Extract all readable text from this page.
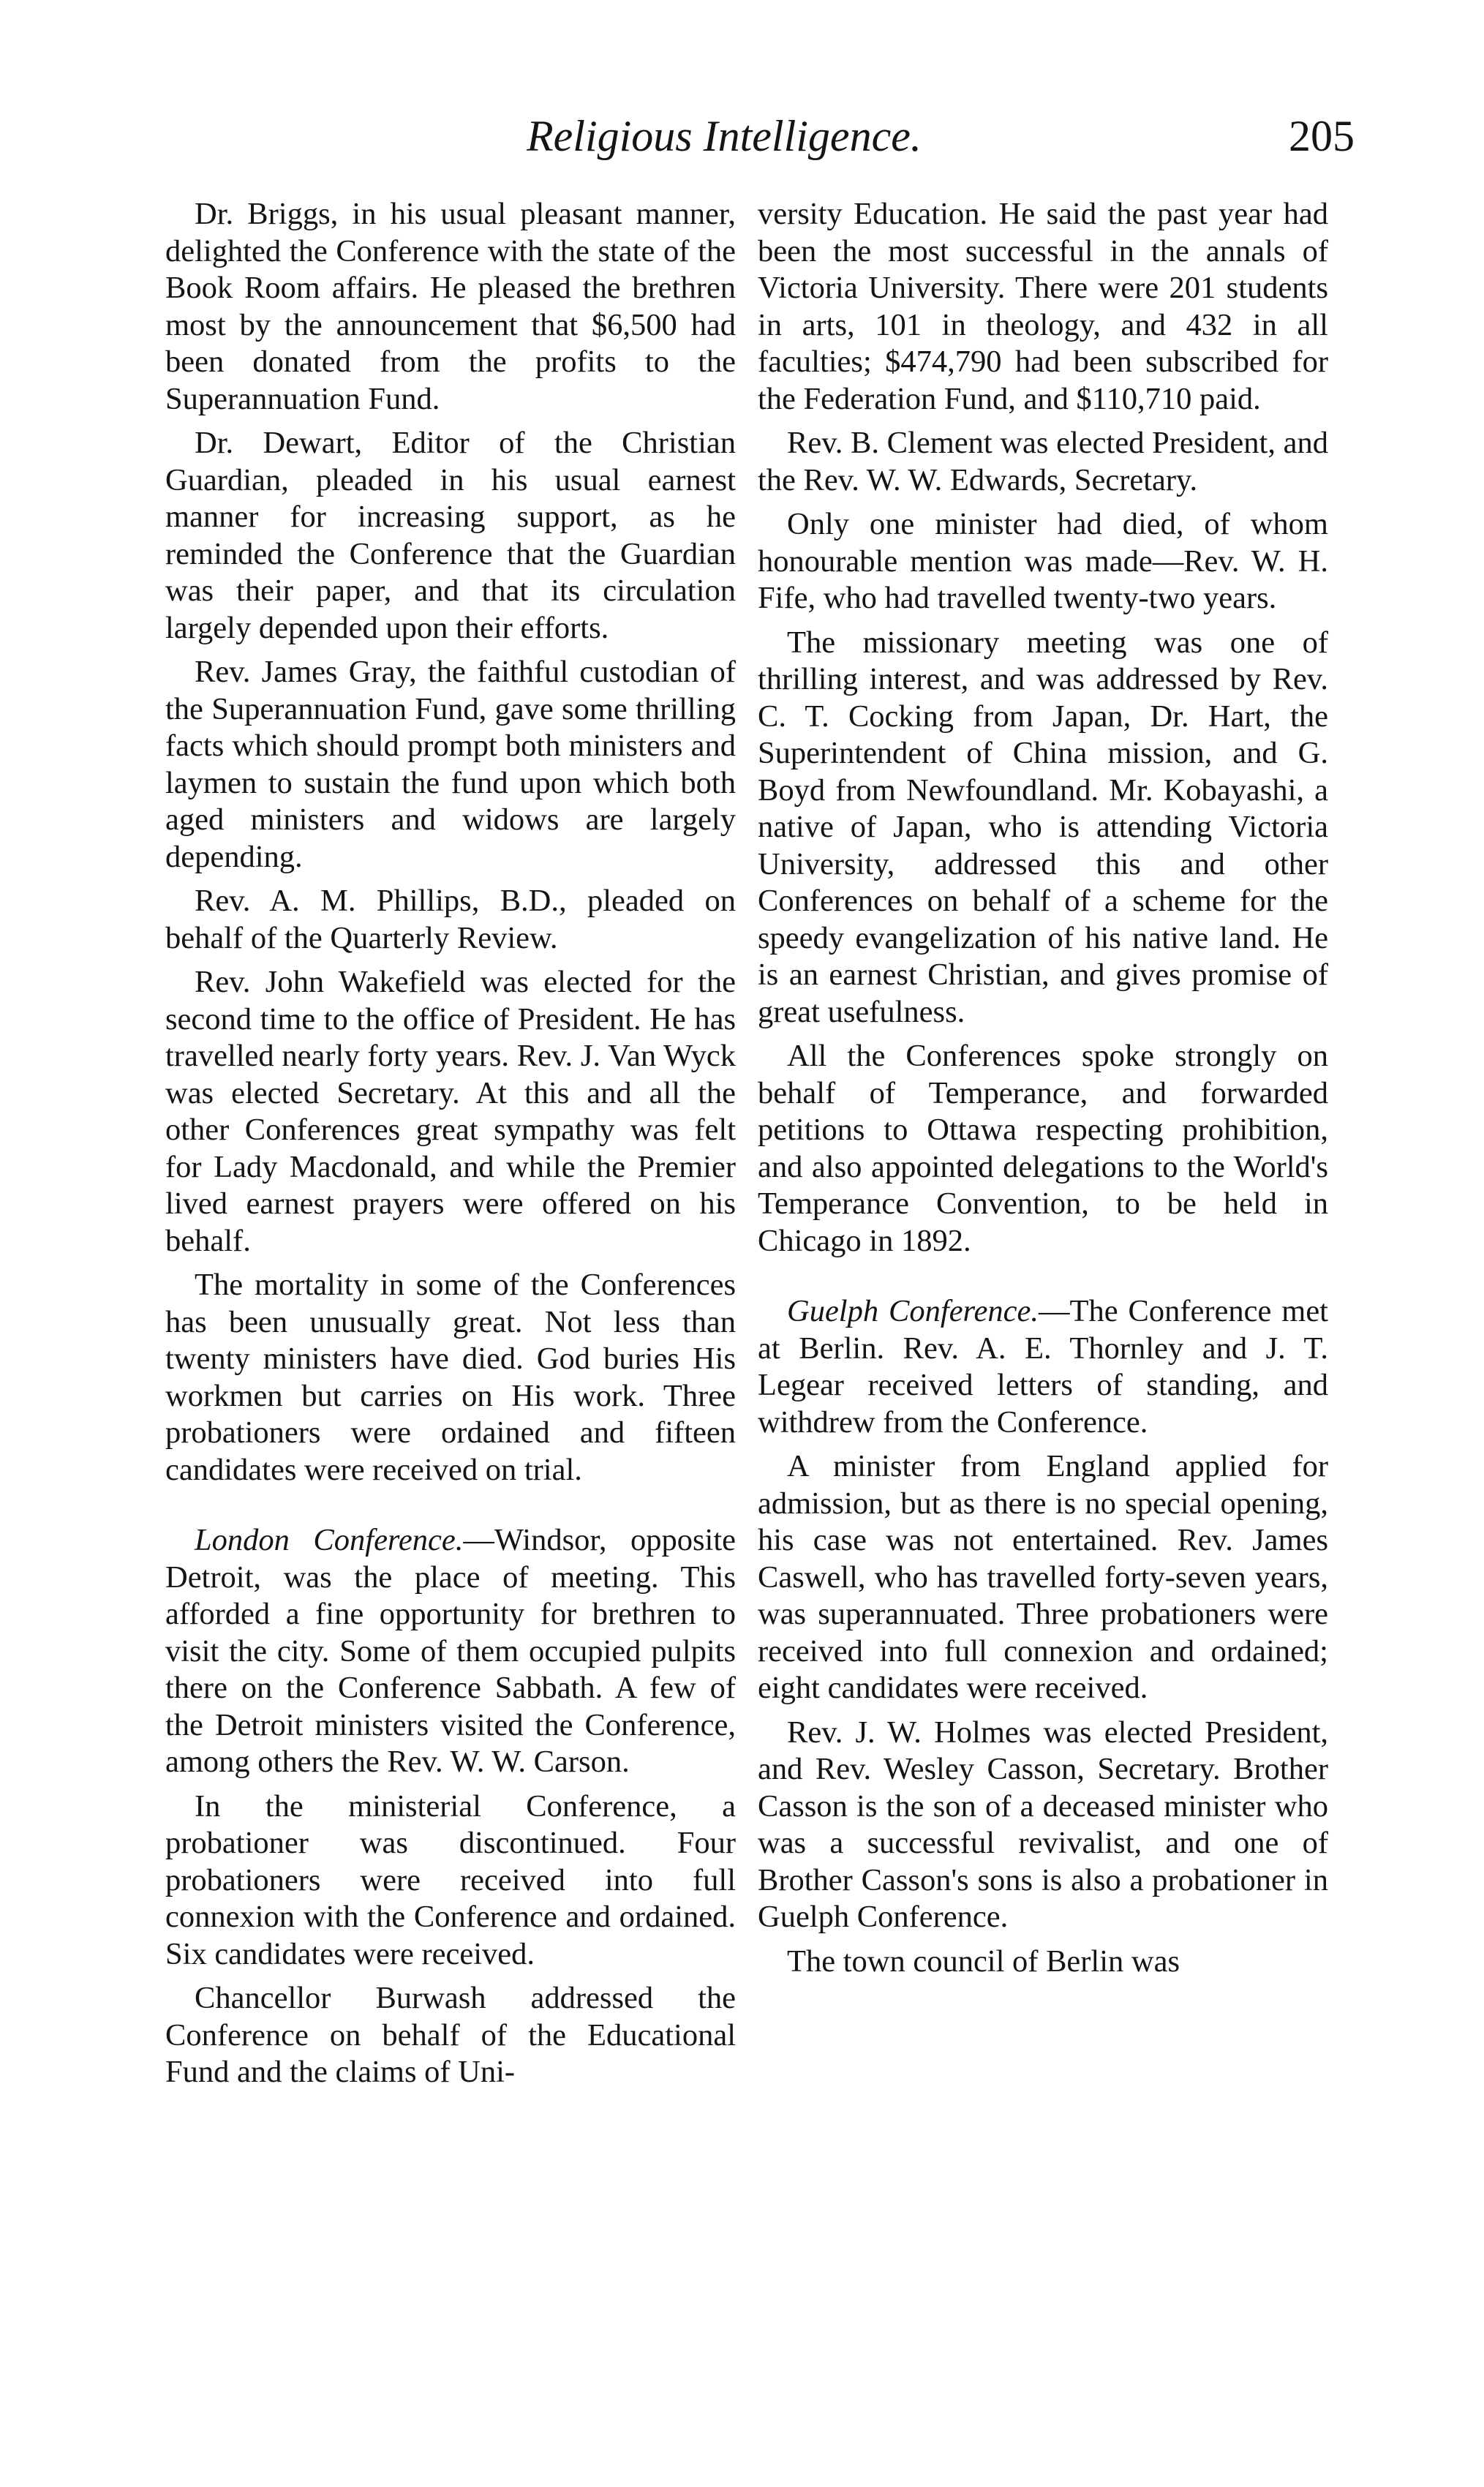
Religious Intelligence.	205

Dr. Briggs, in his usual pleasant manner, delighted the Conference with the state of the Book Room affairs. He pleased the brethren most by the announcement that $6,500 had been donated from the profits to the Superannuation Fund.

Dr. Dewart, Editor of the Christian Guardian, pleaded in his usual earnest manner for increasing support, as he reminded the Conference that the Guardian was their paper, and that its circulation largely depended upon their efforts.

Rev. James Gray, the faithful custodian of the Superannuation Fund, gave some thrilling facts which should prompt both ministers and laymen to sustain the fund upon which both aged ministers and widows are largely depending.

Rev. A. M. Phillips, B.D., pleaded on behalf of the Quarterly Review.

Rev. John Wakefield was elected for the second time to the office of President. He has travelled nearly forty years. Rev. J. Van Wyck was elected Secretary. At this and all the other Conferences great sympathy was felt for Lady Macdonald, and while the Premier lived earnest prayers were offered on his behalf.

The mortality in some of the Conferences has been unusually great. Not less than twenty ministers have died. God buries His workmen but carries on His work. Three probationers were ordained and fifteen candidates were received on trial.

London Conference.—Windsor, opposite Detroit, was the place of meeting. This afforded a fine opportunity for brethren to visit the city. Some of them occupied pulpits there on the Conference Sabbath. A few of the Detroit ministers visited the Conference, among others the Rev. W. W. Carson.

In the ministerial Conference, a probationer was discontinued. Four probationers were received into full connexion with the Conference and ordained. Six candidates were received.

Chancellor Burwash addressed the Conference on behalf of the Educational Fund and the claims of Uni-

versity Education. He said the past year had been the most successful in the annals of Victoria University. There were 201 students in arts, 101 in theology, and 432 in all faculties; $474,790 had been subscribed for the Federation Fund, and $110,710 paid.

Rev. B. Clement was elected President, and the Rev. W. W. Edwards, Secretary.

Only one minister had died, of whom honourable mention was made—Rev. W. H. Fife, who had travelled twenty-two years.

The missionary meeting was one of thrilling interest, and was addressed by Rev. C. T. Cocking from Japan, Dr. Hart, the Superintendent of China mission, and G. Boyd from Newfoundland. Mr. Kobayashi, a native of Japan, who is attending Victoria University, addressed this and other Conferences on behalf of a scheme for the speedy evangelization of his native land. He is an earnest Christian, and gives promise of great usefulness.

All the Conferences spoke strongly on behalf of Temperance, and forwarded petitions to Ottawa respecting prohibition, and also appointed delegations to the World's Temperance Convention, to be held in Chicago in 1892.

Guelph Conference.—The Conference met at Berlin. Rev. A. E. Thornley and J. T. Legear received letters of standing, and withdrew from the Conference.

A minister from England applied for admission, but as there is no special opening, his case was not entertained. Rev. James Caswell, who has travelled forty-seven years, was superannuated. Three probationers were received into full connexion and ordained; eight candidates were received.

Rev. J. W. Holmes was elected President, and Rev. Wesley Casson, Secretary. Brother Casson is the son of a deceased minister who was a successful revivalist, and one of Brother Casson's sons is also a probationer in Guelph Conference.

The town council of Berlin was
